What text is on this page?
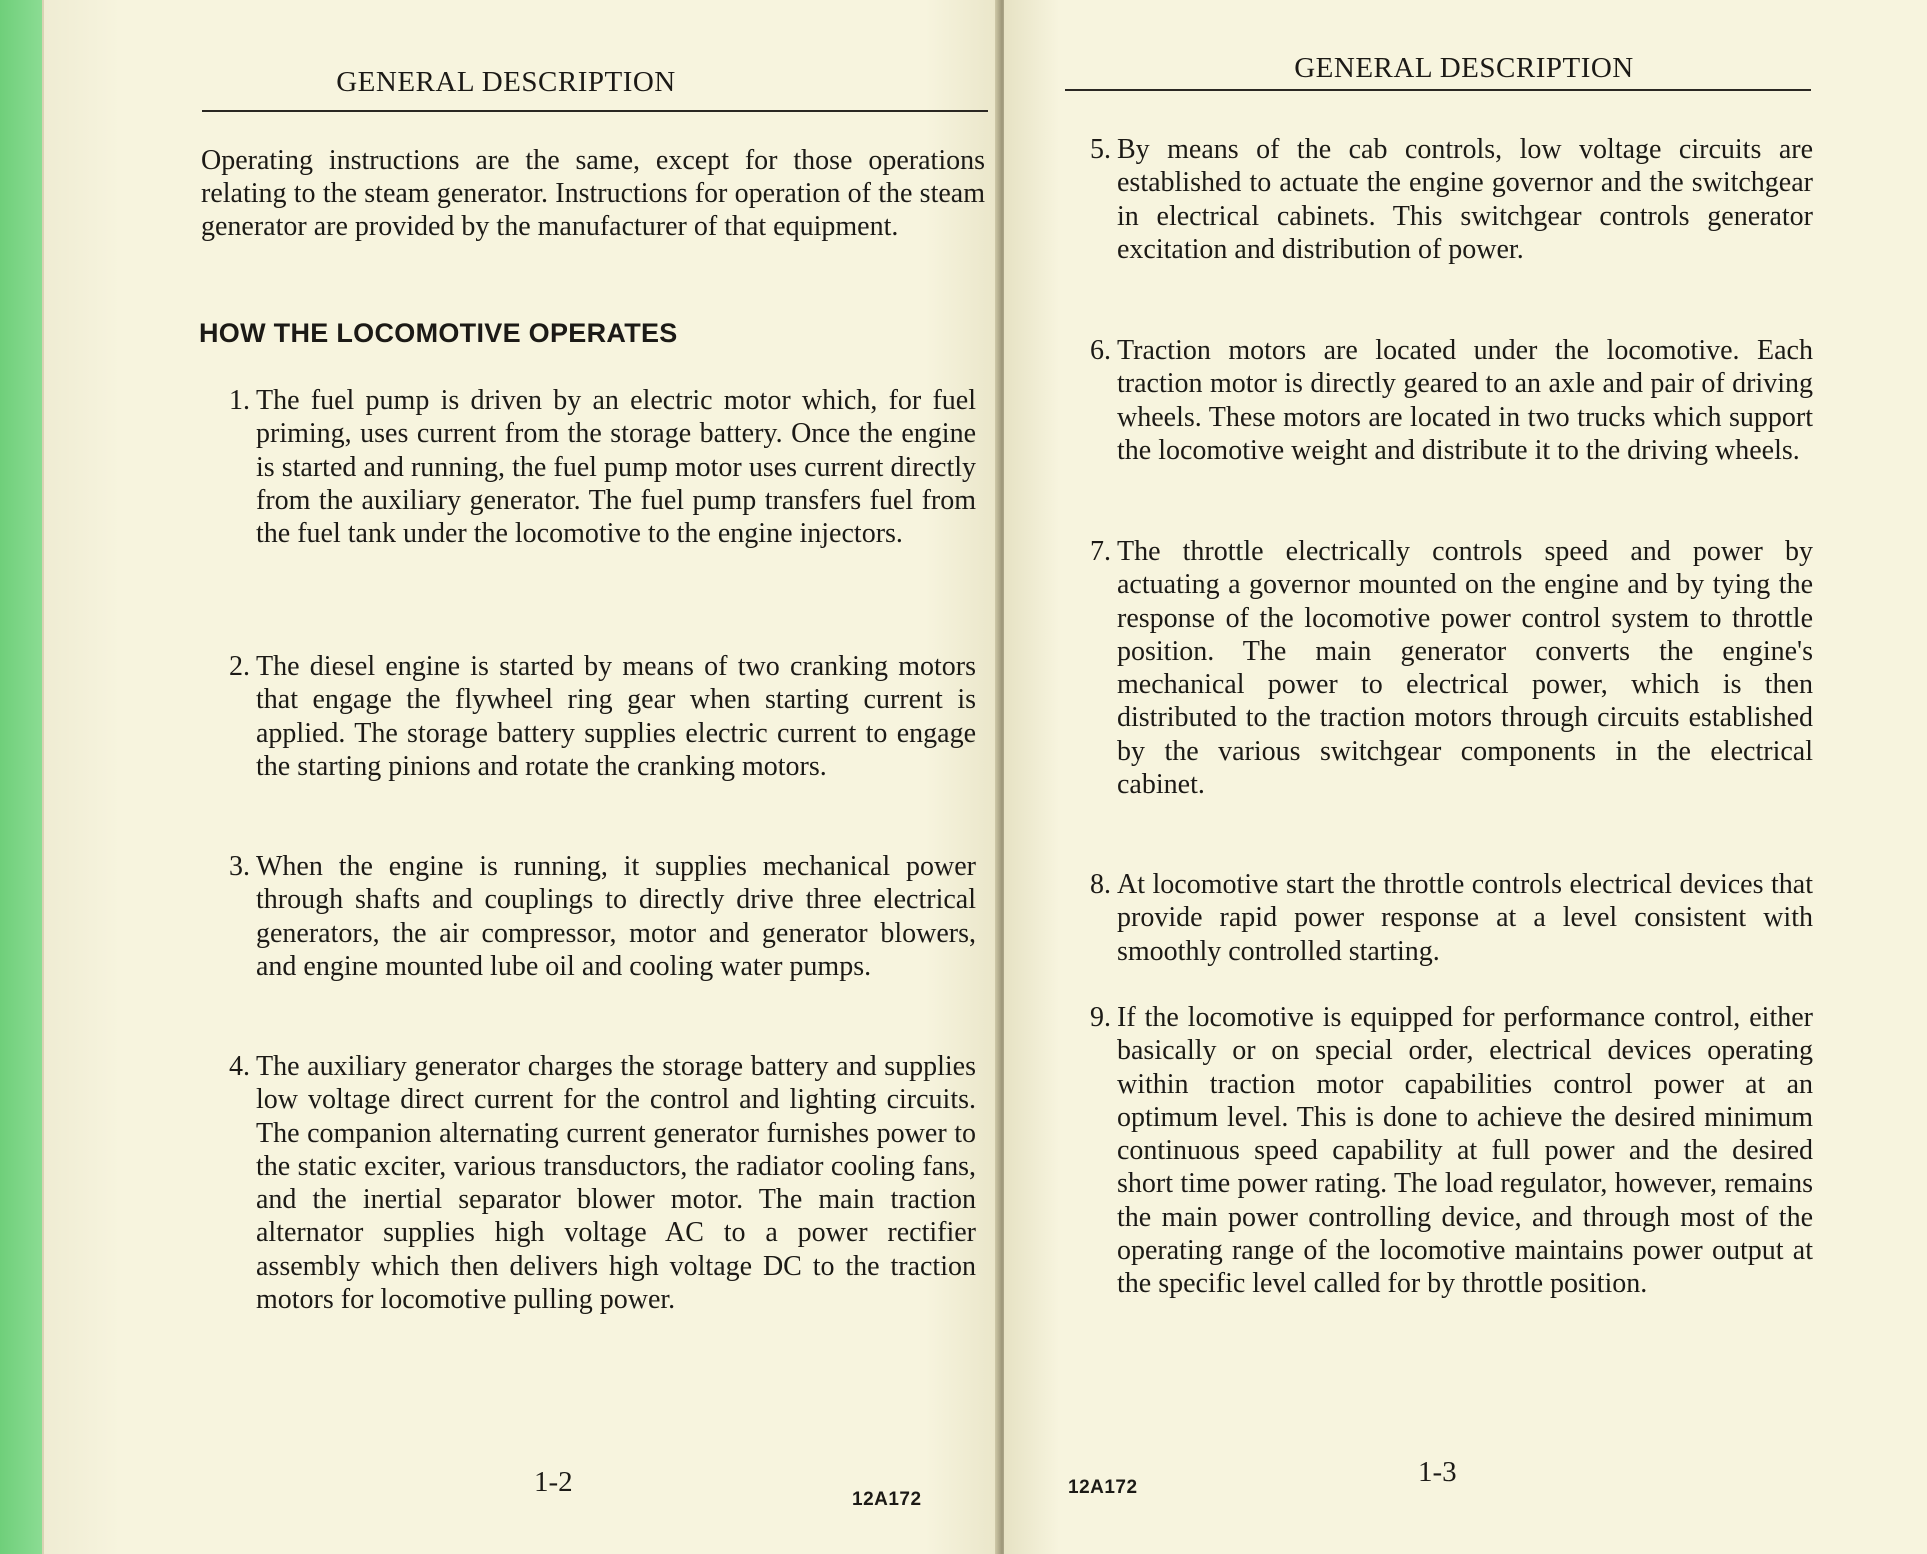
GENERAL DESCRIPTION
Operating instructions are the same, except for those operations relating to the steam generator. Instructions for operation of the steam generator are provided by the manufacturer of that equipment.
HOW THE LOCOMOTIVE OPERATES
1. The fuel pump is driven by an electric motor which, for fuel priming, uses current from the storage battery. Once the engine is started and running, the fuel pump motor uses current directly from the auxiliary generator. The fuel pump transfers fuel from the fuel tank under the locomotive to the engine injectors.
2. The diesel engine is started by means of two cranking motors that engage the flywheel ring gear when starting current is applied. The storage battery supplies electric current to engage the starting pinions and rotate the cranking motors.
3. When the engine is running, it supplies mechanical power through shafts and couplings to directly drive three electrical generators, the air compressor, motor and generator blowers, and engine mounted lube oil and cooling water pumps.
4. The auxiliary generator charges the storage battery and supplies low voltage direct current for the control and lighting circuits. The companion alternating current generator furnishes power to the static exciter, various transductors, the radiator cooling fans, and the inertial separator blower motor. The main traction alternator supplies high voltage AC to a power rectifier assembly which then delivers high voltage DC to the traction motors for locomotive pulling power.
1-2
12A172
GENERAL DESCRIPTION
5. By means of the cab controls, low voltage circuits are established to actuate the engine governor and the switchgear in electrical cabinets. This switchgear controls generator excitation and distribution of power.
6. Traction motors are located under the locomotive. Each traction motor is directly geared to an axle and pair of driving wheels. These motors are located in two trucks which support the locomotive weight and distribute it to the driving wheels.
7. The throttle electrically controls speed and power by actuating a governor mounted on the engine and by tying the response of the locomotive power control system to throttle position. The main generator converts the engine's mechanical power to electrical power, which is then distributed to the traction motors through circuits established by the various switchgear components in the electrical cabinet.
8. At locomotive start the throttle controls electrical devices that provide rapid power response at a level consistent with smoothly controlled starting.
9. If the locomotive is equipped for performance control, either basically or on special order, electrical devices operating within traction motor capabilities control power at an optimum level. This is done to achieve the desired minimum continuous speed capability at full power and the desired short time power rating. The load regulator, however, remains the main power controlling device, and through most of the operating range of the locomotive maintains power output at the specific level called for by throttle position.
1-3
12A172
